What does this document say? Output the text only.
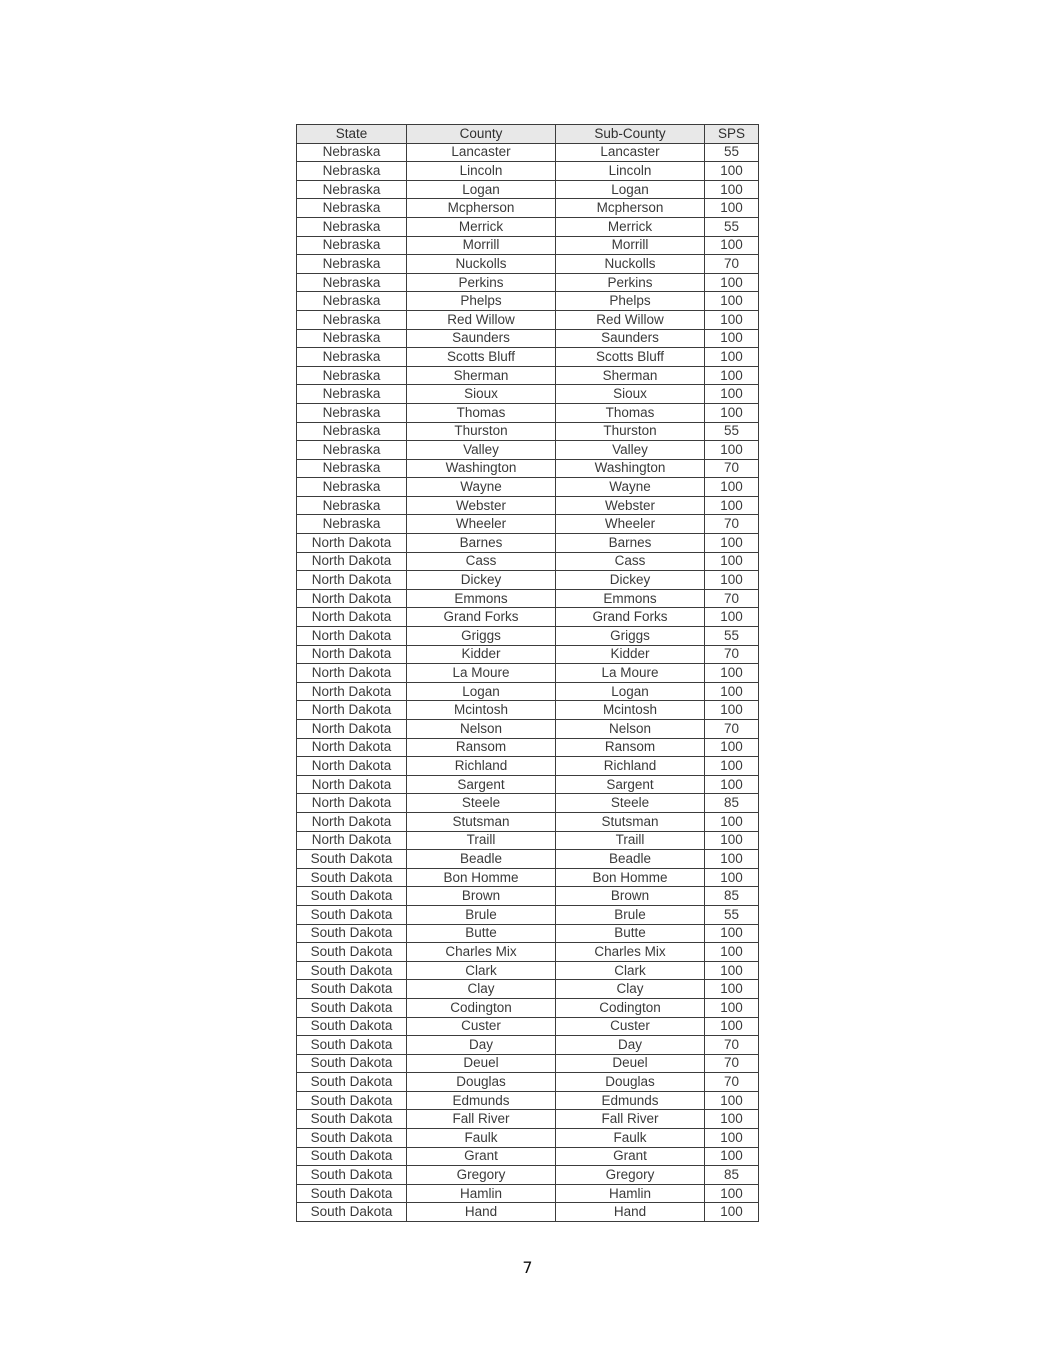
State	County	Sub-County	SPS
Nebraska	Lancaster	Lancaster	55
Nebraska	Lincoln	Lincoln	100
Nebraska	Logan	Logan	100
Nebraska	Mcpherson	Mcpherson	100
Nebraska	Merrick	Merrick	55
Nebraska	Morrill	Morrill	100
Nebraska	Nuckolls	Nuckolls	70
Nebraska	Perkins	Perkins	100
Nebraska	Phelps	Phelps	100
Nebraska	Red Willow	Red Willow	100
Nebraska	Saunders	Saunders	100
Nebraska	Scotts Bluff	Scotts Bluff	100
Nebraska	Sherman	Sherman	100
Nebraska	Sioux	Sioux	100
Nebraska	Thomas	Thomas	100
Nebraska	Thurston	Thurston	55
Nebraska	Valley	Valley	100
Nebraska	Washington	Washington	70
Nebraska	Wayne	Wayne	100
Nebraska	Webster	Webster	100
Nebraska	Wheeler	Wheeler	70
North Dakota	Barnes	Barnes	100
North Dakota	Cass	Cass	100
North Dakota	Dickey	Dickey	100
North Dakota	Emmons	Emmons	70
North Dakota	Grand Forks	Grand Forks	100
North Dakota	Griggs	Griggs	55
North Dakota	Kidder	Kidder	70
North Dakota	La Moure	La Moure	100
North Dakota	Logan	Logan	100
North Dakota	Mcintosh	Mcintosh	100
North Dakota	Nelson	Nelson	70
North Dakota	Ransom	Ransom	100
North Dakota	Richland	Richland	100
North Dakota	Sargent	Sargent	100
North Dakota	Steele	Steele	85
North Dakota	Stutsman	Stutsman	100
North Dakota	Traill	Traill	100
South Dakota	Beadle	Beadle	100
South Dakota	Bon Homme	Bon Homme	100
South Dakota	Brown	Brown	85
South Dakota	Brule	Brule	55
South Dakota	Butte	Butte	100
South Dakota	Charles Mix	Charles Mix	100
South Dakota	Clark	Clark	100
South Dakota	Clay	Clay	100
South Dakota	Codington	Codington	100
South Dakota	Custer	Custer	100
South Dakota	Day	Day	70
South Dakota	Deuel	Deuel	70
South Dakota	Douglas	Douglas	70
South Dakota	Edmunds	Edmunds	100
South Dakota	Fall River	Fall River	100
South Dakota	Faulk	Faulk	100
South Dakota	Grant	Grant	100
South Dakota	Gregory	Gregory	85
South Dakota	Hamlin	Hamlin	100
South Dakota	Hand	Hand	100
7
